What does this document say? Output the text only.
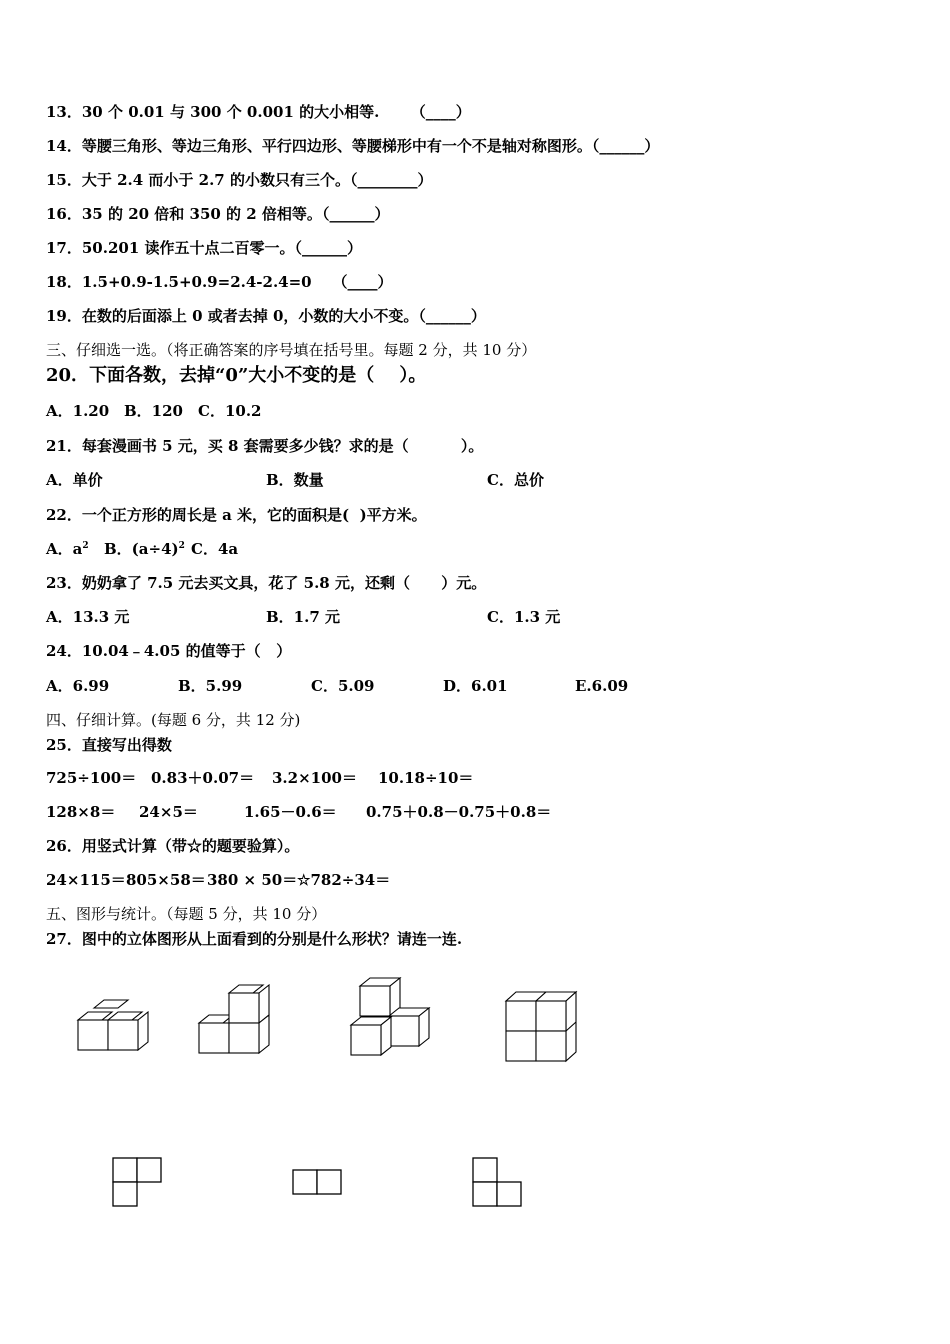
13．30 个 0.01 与 300 个 0.001 的大小相等. （____）
14．等腰三角形、等边三角形、平行四边形、等腰梯形中有一个不是轴对称图形。（______）
15．大于 2.4 而小于 2.7 的小数只有三个。（________）
16．35 的 20 倍和 350 的 2 倍相等。（______）
17．50.201 读作五十点二百零一。（______）
18．1.5+0.9-1.5+0.9=2.4-2.4=0 （____）
19．在数的后面添上 0 或者去掉 0，小数的大小不变。（______）
三、仔细选一选。（将正确答案的序号填在括号里。每题 2 分，共 10 分）
20．下面各数，去掉“0”大小不变的是（    ）。
A．1.20 B．120 C．10.2
21．每套漫画书 5 元，买 8 套需要多少钱？求的是（          ）。
A．单价	B．数量	C．总价
22．一个正方形的周长是 a 米，它的面积是(  )平方米。
A．$a^2$ B．$(a\div 4)^2$ C．4a
23．奶奶拿了 7.5 元去买文具，花了 5.8 元，还剩（      ）元。
A．13.3 元	B．1.7 元	C．1.3 元
24．10.04﹣4.05 的值等于（   ）
A．6.99	B．5.99	C．5.09	D．6.01	E.6.09
四、仔细计算。(每题 6 分，共 12 分)
25．直接写出得数
725÷100＝ 0.83＋0.07＝ 3.2×100＝ 10.18÷10＝
128×8＝ 24×5＝	1.65－0.6＝ 0.75＋0.8－0.75＋0.8＝
26．用竖式计算（带☆的题要验算）。
24×115＝ 805×58＝ 380 × 50＝ ☆782÷34＝
五、图形与统计。（每题 5 分，共 10 分）
27．图中的立体图形从上面看到的分别是什么形状？请连一连.
